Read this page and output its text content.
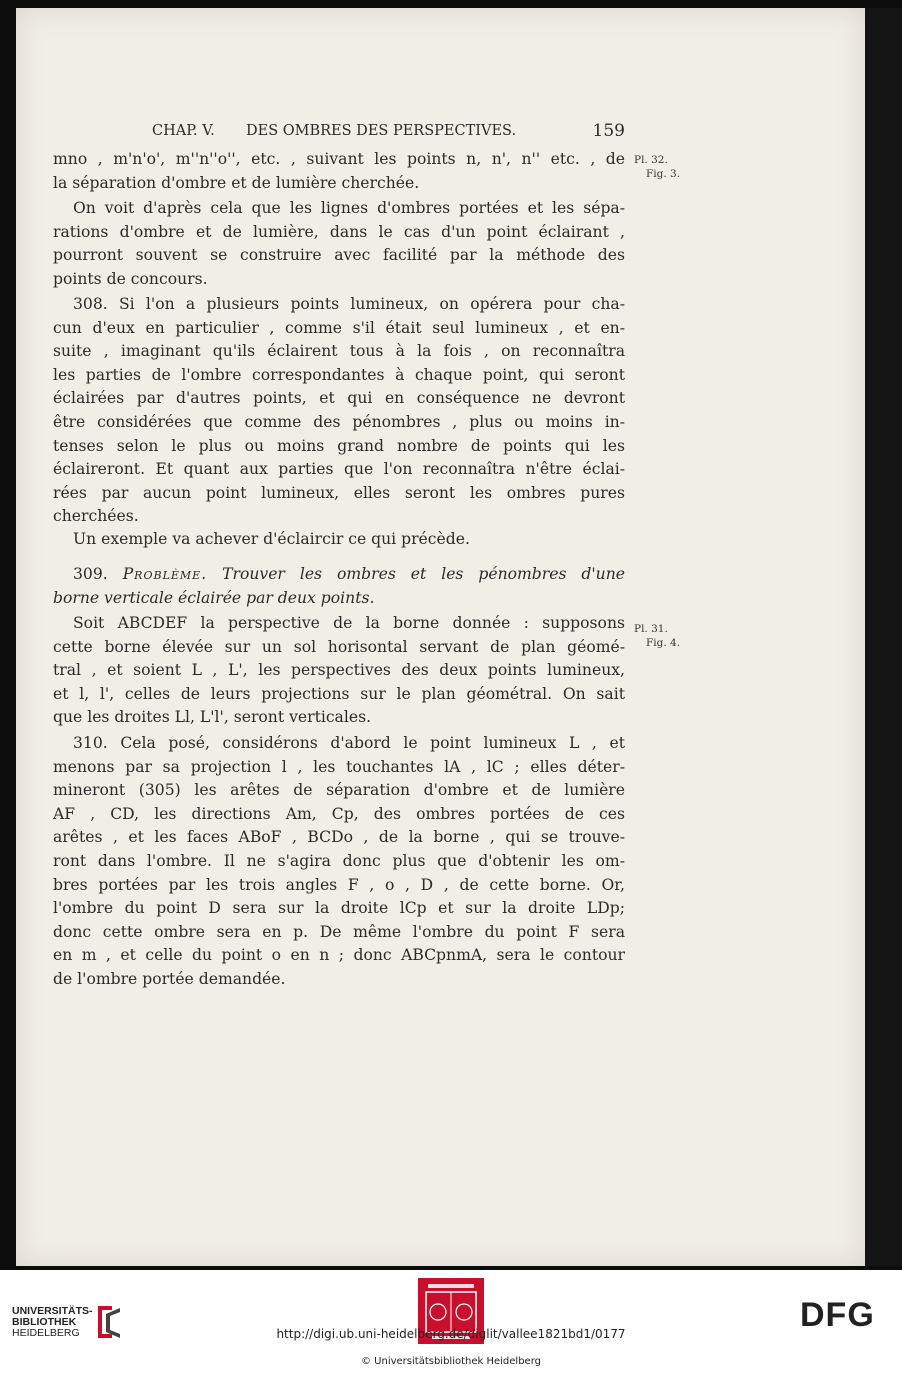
CHAP. V. DES OMBRES DES PERSPECTIVES.	159
Pl. 32.
Fig. 3.
Pl. 31.
Fig. 4.
mno , m'n'o', m''n''o'', etc. , suivant les points n, n', n'' etc. , de
la séparation d'ombre et de lumière cherchée.
On voit d'après cela que les lignes d'ombres portées et les sépa-
rations d'ombre et de lumière, dans le cas d'un point éclairant ,
pourront souvent se construire avec facilité par la méthode des
points de concours.
308. Si l'on a plusieurs points lumineux, on opérera pour cha-
cun d'eux en particulier , comme s'il était seul lumineux , et en-
suite , imaginant qu'ils éclairent tous à la fois , on reconnaîtra
les parties de l'ombre correspondantes à chaque point, qui seront
éclairées par d'autres points, et qui en conséquence ne devront
être considérées que comme des pénombres , plus ou moins in-
tenses selon le plus ou moins grand nombre de points qui les
éclaireront. Et quant aux parties que l'on reconnaîtra n'être éclai-
rées par aucun point lumineux, elles seront les ombres pures
cherchées.
Un exemple va achever d'éclaircir ce qui précède.
309. Problème. Trouver les ombres et les pénombres d'une
borne verticale éclairée par deux points.
Soit ABCDEF la perspective de la borne donnée : supposons
cette borne élevée sur un sol horisontal servant de plan géomé-
tral , et soient L , L', les perspectives des deux points lumineux,
et l, l', celles de leurs projections sur le plan géométral. On sait
que les droites Ll, L'l', seront verticales.
310. Cela posé, considérons d'abord le point lumineux L , et
menons par sa projection l , les touchantes lA , lC ; elles déter-
mineront (305) les arêtes de séparation d'ombre et de lumière
AF , CD, les directions Am, Cp, des ombres portées de ces
arêtes , et les faces ABoF , BCDo , de la borne , qui se trouve-
ront dans l'ombre. Il ne s'agira donc plus que d'obtenir les om-
bres portées par les trois angles F , o , D , de cette borne. Or,
l'ombre du point D sera sur la droite lCp et sur la droite LDp;
donc cette ombre sera en p. De même l'ombre du point F sera
en m , et celle du point o en n ; donc ABCpnmA, sera le contour
de l'ombre portée demandée.
UNIVERSITÄTS-
BIBLIOTHEK
HEIDELBERG	DFG
http://digi.ub.uni-heidelberg.de/diglit/vallee1821bd1/0177
© Universitätsbibliothek Heidelberg
